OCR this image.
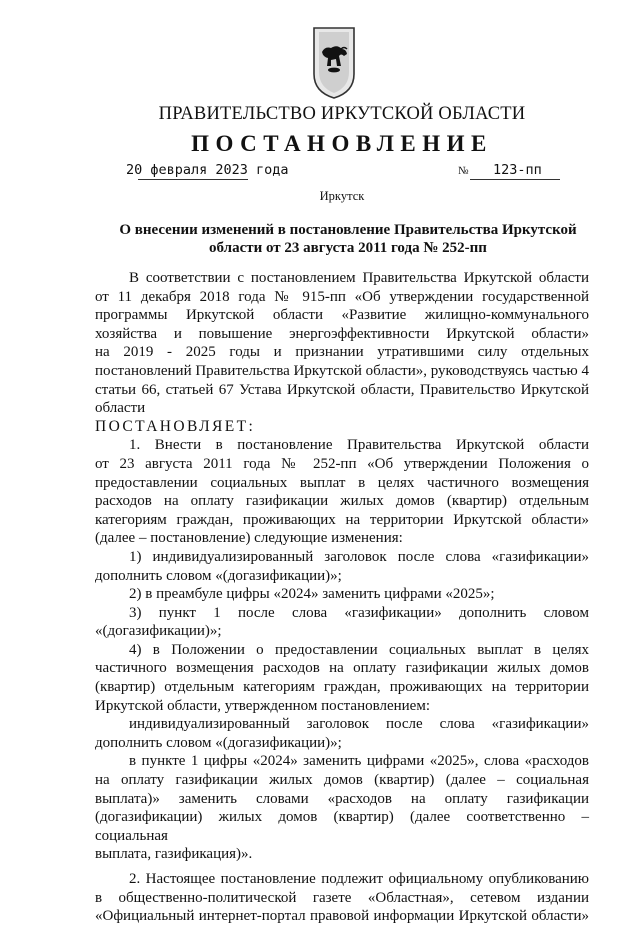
ПРАВИТЕЛЬСТВО ИРКУТСКОЙ ОБЛАСТИ
ПОСТАНОВЛЕНИЕ
20 февраля 2023 года	№ 123-пп
Иркутск
О внесении изменений в постановление Правительства Иркутской
области от 23 августа 2011 года № 252-пп

В соответствии с постановлением Правительства Иркутской области

от 11 декабря 2018 года № 915-пп «Об утверждении государственной

программы Иркутской области «Развитие жилищно-коммунального

хозяйства и повышение энергоэффективности Иркутской области»

на 2019 - 2025 годы и признании утратившими силу отдельных

постановлений Правительства Иркутской области», руководствуясь частью 4

статьи 66, статьей 67 Устава Иркутской области, Правительство Иркутской

области

ПОСТАНОВЛЯЕТ:

1. Внести в постановление Правительства Иркутской области

от 23 августа 2011 года № 252-пп «Об утверждении Положения о

предоставлении социальных выплат в целях частичного возмещения

расходов на оплату газификации жилых домов (квартир) отдельным

категориям граждан, проживающих на территории Иркутской области»

(далее – постановление) следующие изменения:

1) индивидуализированный заголовок после слова «газификации»

дополнить словом «(догазификации)»;

2) в преамбуле цифры «2024» заменить цифрами «2025»;

3) пункт 1 после слова «газификации» дополнить словом

«(догазификации)»;

4) в Положении о предоставлении социальных выплат в целях

частичного возмещения расходов на оплату газификации жилых домов

(квартир) отдельным категориям граждан, проживающих на территории

Иркутской области, утвержденном постановлением:

индивидуализированный заголовок после слова «газификации»

дополнить словом «(догазификации)»;

в пункте 1 цифры «2024» заменить цифрами «2025», слова «расходов

на оплату газификации жилых домов (квартир) (далее – социальная

выплата)» заменить словами «расходов на оплату газификации

(догазификации) жилых домов (квартир) (далее соответственно – социальная

выплата, газификация)».

2. Настоящее постановление подлежит официальному опубликованию

в общественно-политической газете «Областная», сетевом издании

«Официальный интернет-портал правовой информации Иркутской области»
